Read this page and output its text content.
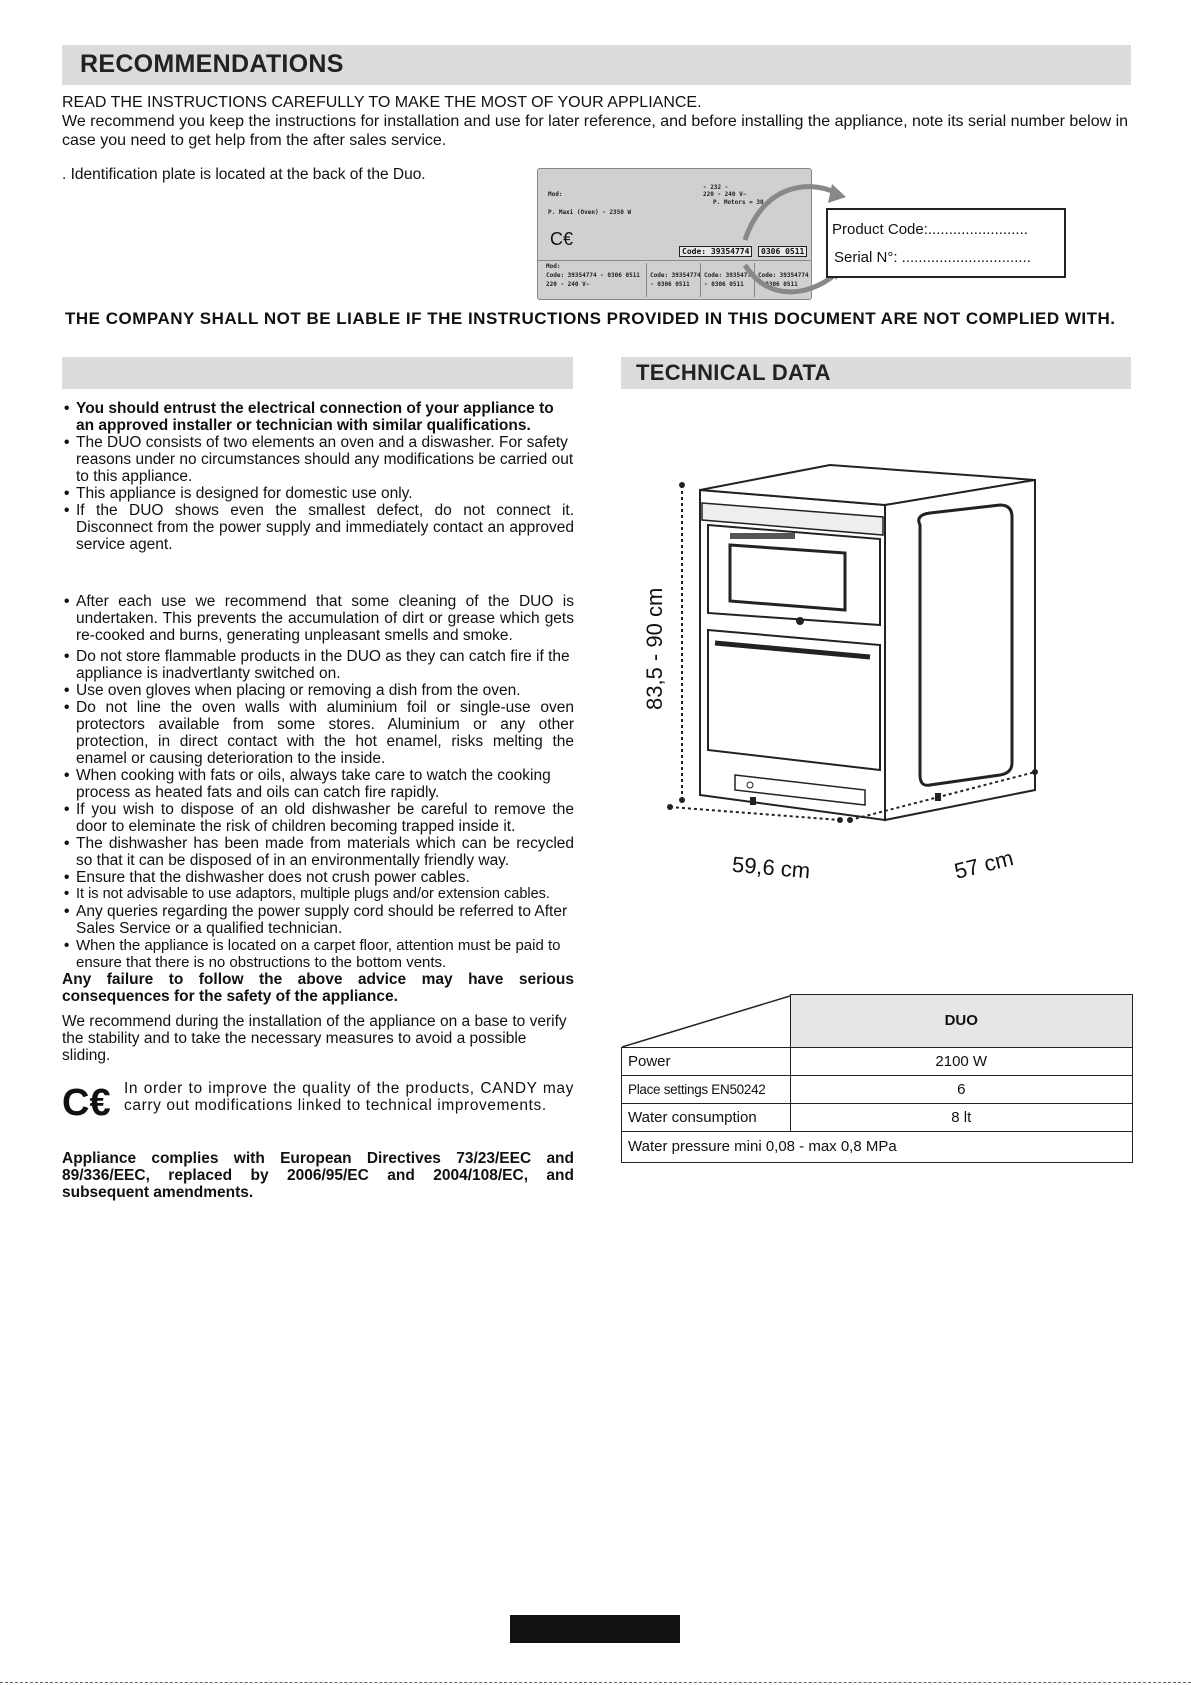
RECOMMENDATIONS
READ THE INSTRUCTIONS CAREFULLY TO MAKE THE MOST OF YOUR APPLIANCE.
We recommend you keep the instructions for installation and use for later reference, and before installing the appliance, note its serial number below in case you need to get help from the after sales service.
. Identification plate is located at the back of the Duo.
Mod:
P. Maxi (Oven) - 2350 W
- 232 -
220 - 240 V∼
P. Motors = 30 W
C€
Code: 39354774	0306 0511
Mod:
Code: 39354774 - 0306 0511
220 - 240 V∼
Code: 39354774
- 0306 0511
Code: 39354774
- 0306 0511
Code: 39354774
- 0306 0511
Product Code:........................
Serial N°: ...............................
THE COMPANY SHALL NOT BE LIABLE IF THE INSTRUCTIONS PROVIDED IN THIS DOCUMENT ARE NOT COMPLIED WITH.
TECHNICAL DATA

• You should entrust the electrical connection of your appliance to an approved installer or technician with similar qualifications.

• The DUO consists of two elements an oven and a diswasher. For safety reasons under no circumstances should any modifications be carried out to this appliance.

• This appliance is designed for domestic use only.

• If the DUO shows even the smallest defect, do not connect it. Disconnect from the power supply and immediately contact an approved service agent.

• After each use we recommend that some cleaning of the DUO is undertaken. This prevents the accumulation of dirt or grease which gets re-cooked and burns, generating unpleasant smells and smoke.

• Do not store flammable products in the DUO as they can catch fire if the appliance is inadvertlanty switched on.

• Use oven gloves when placing or removing a dish from the oven.

• Do not line the oven walls with aluminium foil or single-use oven protectors available from some stores. Aluminium or any other protection, in direct contact with the hot enamel, risks melting the enamel or causing deterioration to the inside.

• When cooking with fats or oils, always take care to watch the cooking process as heated fats and oils can catch fire rapidly.

• If you wish to dispose of an old dishwasher be careful to remove the door to eleminate the risk of children becoming trapped inside it.

• The dishwasher has been made from materials which can be recycled so that it can be disposed of in an environmentally friendly way.

• Ensure that the dishwasher does not crush power cables.

• It is not advisable to use adaptors, multiple plugs and/or extension cables.

• Any queries regarding the power supply cord should be referred to After Sales Service or a qualified technician.

• When the appliance is located on a carpet floor, attention must be paid to ensure that there is no obstructions to the bottom vents.

Any failure to follow the above advice may have serious consequences for the safety of the appliance.

We recommend during the installation of the appliance on a base to verify the stability and to take the necessary measures to avoid a possible sliding.

C€ In order to improve the quality of the products, CANDY may carry out modifications linked to technical improvements.

Appliance complies with European Directives 73/23/EEC and 89/336/EEC, replaced by 2006/95/EC and 2004/108/EC, and subsequent amendments.

83,5 - 90 cm
59,6 cm	57 cm
	DUO
Power	2100 W
Place settings EN50242	6
Water consumption	8 lt
Water pressure mini 0,08 - max 0,8 MPa	
